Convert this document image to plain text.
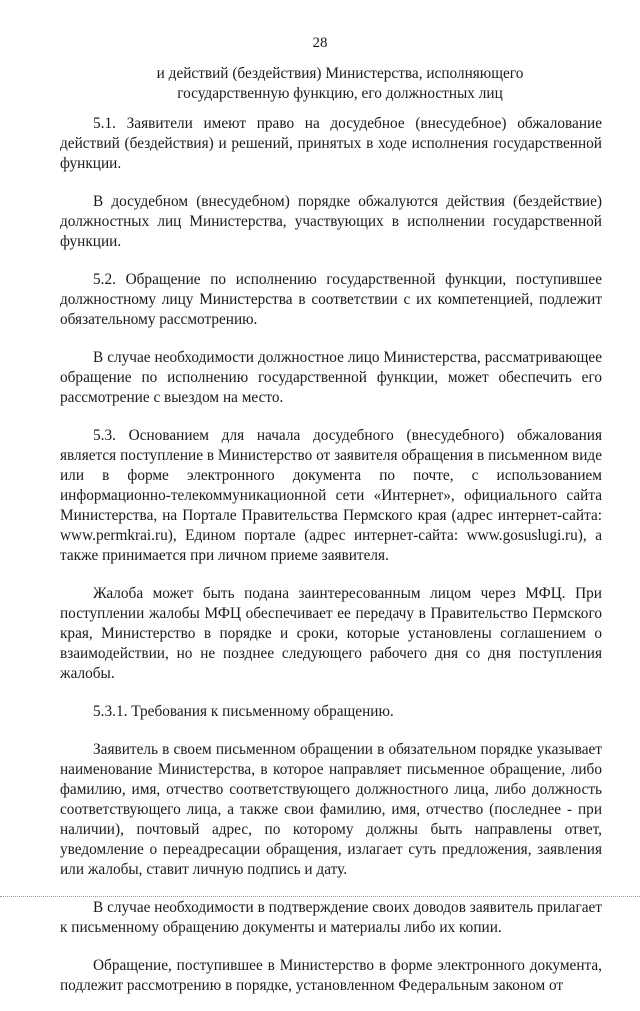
28
и действий (бездействия) Министерства, исполняющего
государственную функцию, его должностных лиц

5.1. Заявители имеют право на досудебное (внесудебное) обжалование действий (бездействия) и решений, принятых в ходе исполнения государственной функции.

В досудебном (внесудебном) порядке обжалуются действия (бездействие) должностных лиц Министерства, участвующих в исполнении государственной функции.

5.2. Обращение по исполнению государственной функции, поступившее должностному лицу Министерства в соответствии с их компетенцией, подлежит обязательному рассмотрению.

В случае необходимости должностное лицо Министерства, рассматривающее обращение по исполнению государственной функции, может обеспечить его рассмотрение с выездом на место.

5.3. Основанием для начала досудебного (внесудебного) обжалования является поступление в Министерство от заявителя обращения в письменном виде или в форме электронного документа по почте, с использованием информационно-телекоммуникационной сети «Интернет», официального сайта Министерства, на Портале Правительства Пермского края (адрес интернет-сайта: www.permkrai.ru), Едином портале (адрес интернет-сайта: www.gosuslugi.ru), а также принимается при личном приеме заявителя.

Жалоба может быть подана заинтересованным лицом через МФЦ. При поступлении жалобы МФЦ обеспечивает ее передачу в Правительство Пермского края, Министерство в порядке и сроки, которые установлены соглашением о взаимодействии, но не позднее следующего рабочего дня со дня поступления жалобы.

5.3.1. Требования к письменному обращению.

Заявитель в своем письменном обращении в обязательном порядке указывает наименование Министерства, в которое направляет письменное обращение, либо фамилию, имя, отчество соответствующего должностного лица, либо должность соответствующего лица, а также свои фамилию, имя, отчество (последнее - при наличии), почтовый адрес, по которому должны быть направлены ответ, уведомление о переадресации обращения, излагает суть предложения, заявления или жалобы, ставит личную подпись и дату.

В случае необходимости в подтверждение своих доводов заявитель прилагает к письменному обращению документы и материалы либо их копии.

Обращение, поступившее в Министерство в форме электронного документа, подлежит рассмотрению в порядке, установленном Федеральным законом от
